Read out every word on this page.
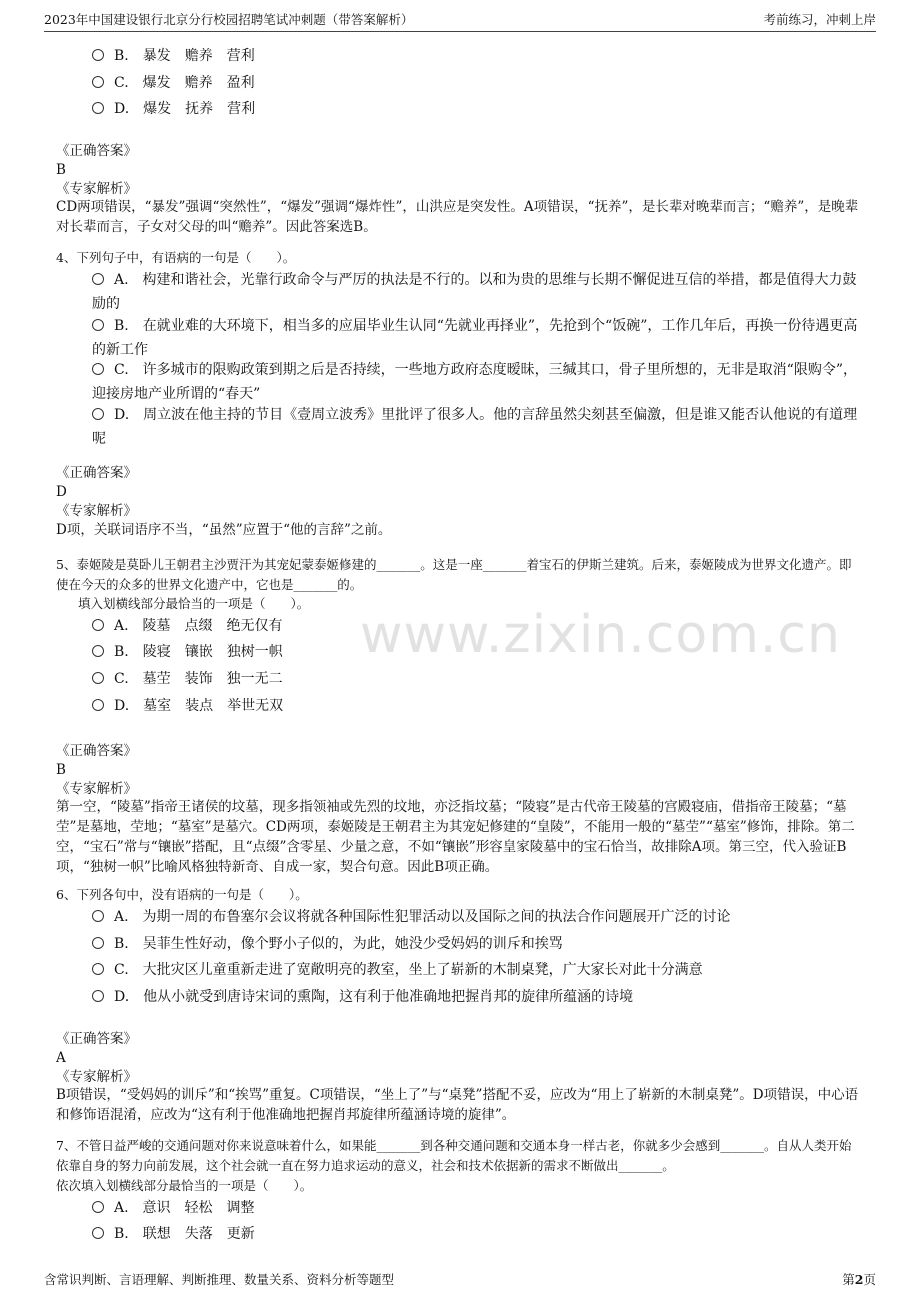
2023年中国建设银行北京分行校园招聘笔试冲刺题（带答案解析）	考前练习，冲刺上岸
www.zixin.com.cn
B.　暴发　赡养　营利
C.　爆发　赡养　盈利
D.　爆发　抚养　营利
《正确答案》
B
《专家解析》
CD两项错误，“暴发”强调“突然性”，“爆发”强调“爆炸性”，山洪应是突发性。A项错误，“抚养”，是长辈对晚辈而言；“赡养”，是晚辈对长辈而言，子女对父母的叫“赡养”。因此答案选B。
4、下列句子中，有语病的一句是（　　）。
A.　构建和谐社会，光靠行政命令与严厉的执法是不行的。以和为贵的思维与长期不懈促进互信的举措，都是值得大力鼓励的
B.　在就业难的大环境下，相当多的应届毕业生认同“先就业再择业”，先抢到个“饭碗”，工作几年后，再换一份待遇更高的新工作
C.　许多城市的限购政策到期之后是否持续，一些地方政府态度暧昧，三缄其口，骨子里所想的，无非是取消“限购令”，迎接房地产业所谓的“春天”
D.　周立波在他主持的节目《壹周立波秀》里批评了很多人。他的言辞虽然尖刻甚至偏激，但是谁又能否认他说的有道理呢
《正确答案》
D
《专家解析》
D项，关联词语序不当，“虽然”应置于“他的言辞”之前。
5、泰姬陵是莫卧儿王朝君主沙贾汗为其宠妃蒙泰姬修建的_______。这是一座_______着宝石的伊斯兰建筑。后来，泰姬陵成为世界文化遗产。即使在今天的众多的世界文化遗产中，它也是_______的。
填入划横线部分最恰当的一项是（　　）。
A.　陵墓　点缀　绝无仅有
B.　陵寝　镶嵌　独树一帜
C.　墓茔　装饰　独一无二
D.　墓室　装点　举世无双
《正确答案》
B
《专家解析》
第一空，“陵墓”指帝王诸侯的坟墓，现多指领袖或先烈的坟地，亦泛指坟墓；“陵寝”是古代帝王陵墓的宫殿寝庙，借指帝王陵墓；“墓茔”是墓地，茔地；“墓室”是墓穴。CD两项，泰姬陵是王朝君主为其宠妃修建的“皇陵”，不能用一般的“墓茔”“墓室”修饰，排除。第二空，“宝石”常与“镶嵌”搭配，且“点缀”含零星、少量之意，不如“镶嵌”形容皇家陵墓中的宝石恰当，故排除A项。第三空，代入验证B项，“独树一帜”比喻风格独特新奇、自成一家，契合句意。因此B项正确。
6、下列各句中，没有语病的一句是（　　）。
A.　为期一周的布鲁塞尔会议将就各种国际性犯罪活动以及国际之间的执法合作问题展开广泛的讨论
B.　吴菲生性好动，像个野小子似的，为此，她没少受妈妈的训斥和挨骂
C.　大批灾区儿童重新走进了宽敞明亮的教室，坐上了崭新的木制桌凳，广大家长对此十分满意
D.　他从小就受到唐诗宋词的熏陶，这有利于他准确地把握肖邦的旋律所蕴涵的诗境
《正确答案》
A
《专家解析》
B项错误，“受妈妈的训斥”和“挨骂”重复。C项错误，“坐上了”与“桌凳”搭配不妥，应改为“用上了崭新的木制桌凳”。D项错误，中心语和修饰语混淆，应改为“这有利于他准确地把握肖邦旋律所蕴涵诗境的旋律”。
7、不管日益严峻的交通问题对你来说意味着什么，如果能_______到各种交通问题和交通本身一样古老，你就多少会感到_______。自从人类开始依靠自身的努力向前发展，这个社会就一直在努力追求运动的意义，社会和技术依据新的需求不断做出_______。
依次填入划横线部分最恰当的一项是（　　）。
A.　意识　轻松　调整
B.　联想　失落　更新
含常识判断、言语理解、判断推理、数量关系、资料分析等题型	第2页
